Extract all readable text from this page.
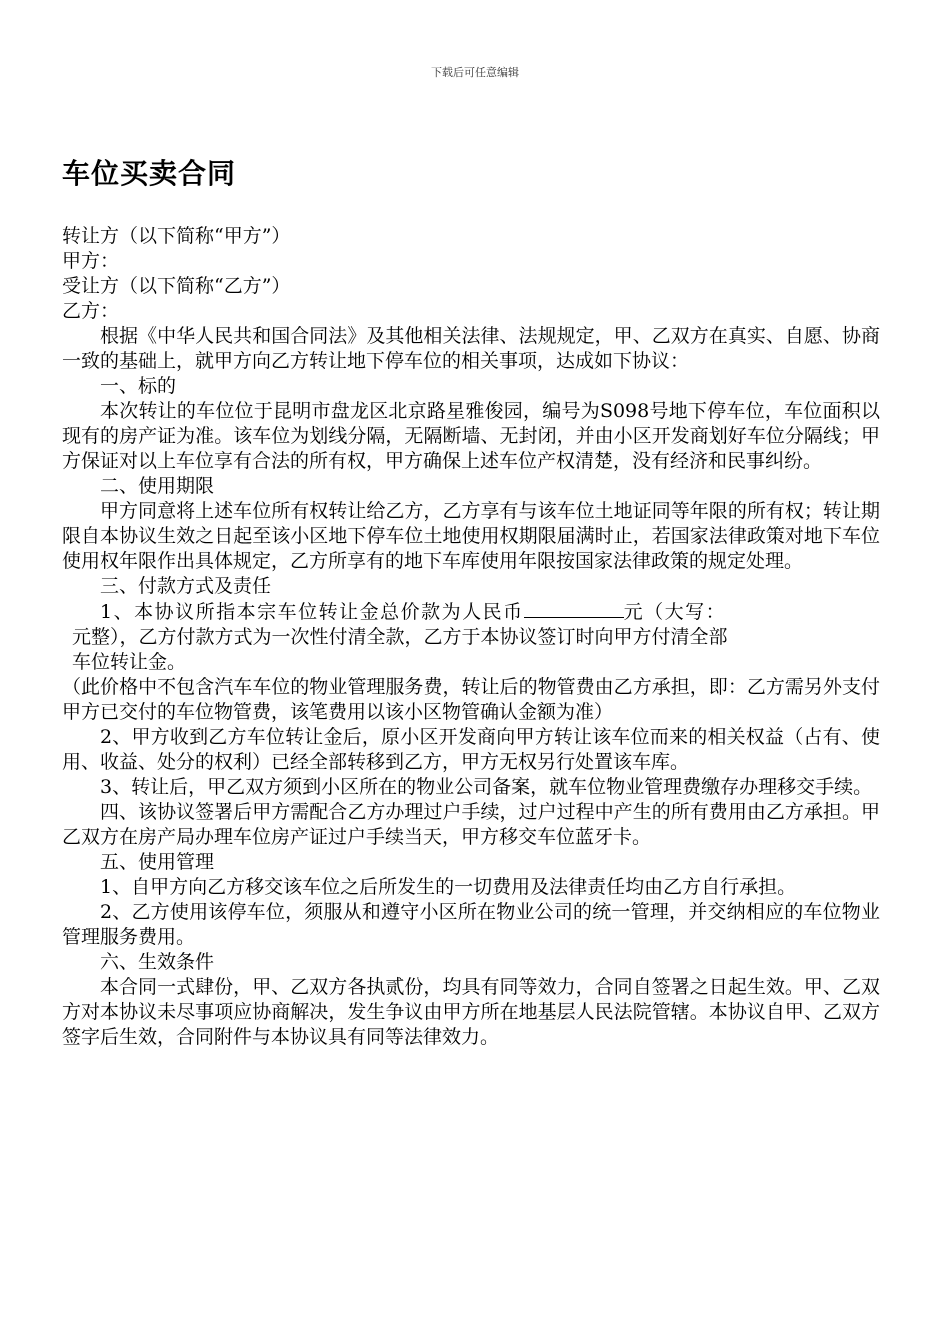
下载后可任意编辑
车位买卖合同

转让方（以下简称“甲方”）

甲方：

受让方（以下简称“乙方”）

乙方：

根据《中华人民共和国合同法》及其他相关法律、法规规定，甲、乙双方在真实、自愿、协商一致的基础上，就甲方向乙方转让地下停车位的相关事项，达成如下协议：

一、标的

本次转让的车位位于昆明市盘龙区北京路星雅俊园，编号为S098号地下停车位，车位面积以现有的房产证为准。该车位为划线分隔，无隔断墙、无封闭，并由小区开发商划好车位分隔线；甲方保证对以上车位享有合法的所有权，甲方确保上述车位产权清楚，没有经济和民事纠纷。

二、使用期限

甲方同意将上述车位所有权转让给乙方，乙方享有与该车位土地证同等年限的所有权；转让期限自本协议生效之日起至该小区地下停车位土地使用权期限届满时止，若国家法律政策对地下车位使用权年限作出具体规定，乙方所享有的地下车库使用年限按国家法律政策的规定处理。

三、付款方式及责任

1、本协议所指本宗车位转让金总价款为人民币	元（大写：

元整），乙方付款方式为一次性付清全款，乙方于本协议签订时向甲方付清全部

车位转让金。

（此价格中不包含汽车车位的物业管理服务费，转让后的物管费由乙方承担，即：乙方需另外支付甲方已交付的车位物管费，该笔费用以该小区物管确认金额为准）

2、甲方收到乙方车位转让金后，原小区开发商向甲方转让该车位而来的相关权益（占有、使用、收益、处分的权利）已经全部转移到乙方，甲方无权另行处置该车库。

3、转让后，甲乙双方须到小区所在的物业公司备案，就车位物业管理费缴存办理移交手续。

四、该协议签署后甲方需配合乙方办理过户手续，过户过程中产生的所有费用由乙方承担。甲乙双方在房产局办理车位房产证过户手续当天，甲方移交车位蓝牙卡。

五、使用管理

1、自甲方向乙方移交该车位之后所发生的一切费用及法律责任均由乙方自行承担。

2、乙方使用该停车位，须服从和遵守小区所在物业公司的统一管理，并交纳相应的车位物业管理服务费用。

六、生效条件

本合同一式肆份，甲、乙双方各执贰份，均具有同等效力，合同自签署之日起生效。甲、乙双方对本协议未尽事项应协商解决，发生争议由甲方所在地基层人民法院管辖。本协议自甲、乙双方签字后生效，合同附件与本协议具有同等法律效力。
